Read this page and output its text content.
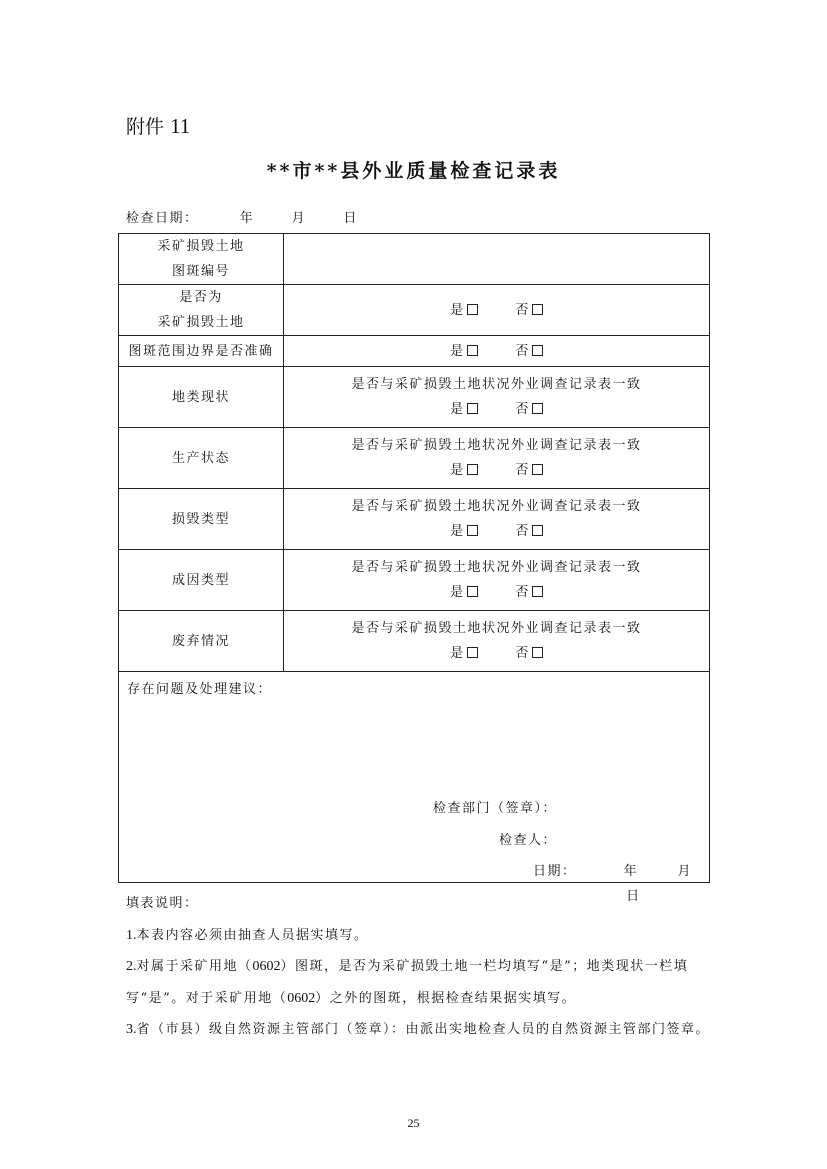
附件 11
**市**县外业质量检查记录表
检查日期：	年	月	日
采矿损毁土地
图斑编号	

是否为
采矿损毁土地	是 否
图斑范围边界是否准确	是 否
地类现状	是否与采矿损毁土地状况外业调查记录表一致
是 否
生产状态	是否与采矿损毁土地状况外业调查记录表一致
是 否
损毁类型	是否与采矿损毁土地状况外业调查记录表一致
是 否
成因类型	是否与采矿损毁土地状况外业调查记录表一致
是 否
废弃情况	是否与采矿损毁土地状况外业调查记录表一致
是 否

存在问题及处理建议：
检查部门（签章）：
检查人：
日期： 年 月  日	

填表说明：

1.本表内容必须由抽查人员据实填写。

2.对属于采矿用地（0602）图斑，是否为采矿损毁土地一栏均填写“是”；地类现状一栏填

写“是”。对于采矿用地（0602）之外的图斑，根据检查结果据实填写。

3.省（市县）级自然资源主管部门（签章）：由派出实地检查人员的自然资源主管部门签章。

25
